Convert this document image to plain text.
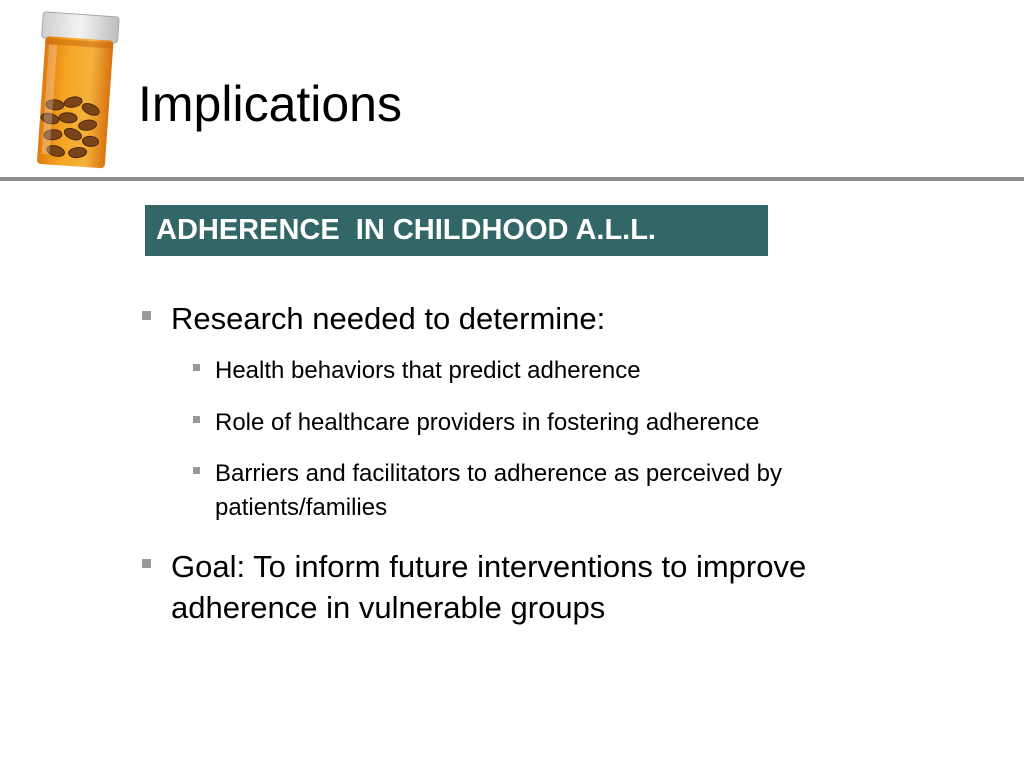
Implications
ADHERENCE  IN CHILDHOOD A.L.L.
Research needed to determine:
Health behaviors that predict adherence
Role of healthcare providers in fostering adherence
Barriers and facilitators to adherence as perceived by patients/families
Goal: To inform future interventions to improve adherence in vulnerable groups
